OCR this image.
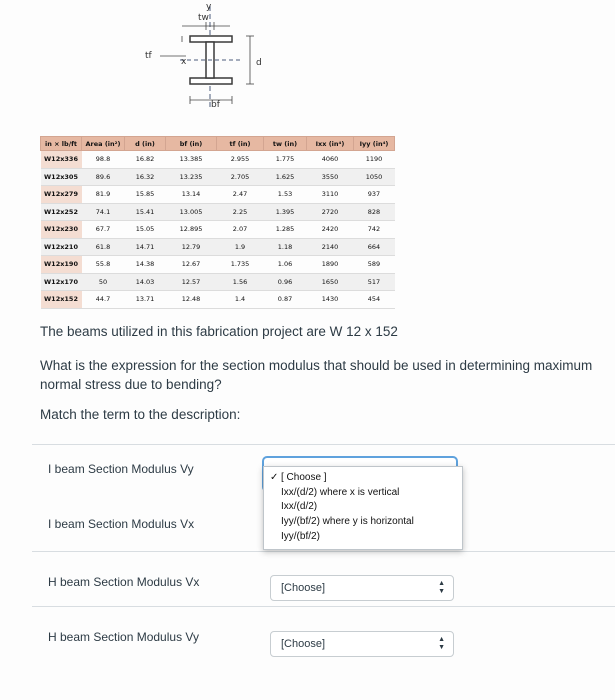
tw
y
tf
x	d
bf
in × lb/ft	Area (in²)	d (in)	bf (in)	tf (in)	tw (in)	Ixx (in⁴)	Iyy (in⁴)
W12x336	98.8	16.82	13.385	2.955	1.775	4060	1190
W12x305	89.6	16.32	13.235	2.705	1.625	3550	1050
W12x279	81.9	15.85	13.14	2.47	1.53	3110	937
W12x252	74.1	15.41	13.005	2.25	1.395	2720	828
W12x230	67.7	15.05	12.895	2.07	1.285	2420	742
W12x210	61.8	14.71	12.79	1.9	1.18	2140	664
W12x190	55.8	14.38	12.67	1.735	1.06	1890	589
W12x170	50	14.03	12.57	1.56	0.96	1650	517
W12x152	44.7	13.71	12.48	1.4	0.87	1430	454
The beams utilized in this fabrication project are W 12 x 152
What is the expression for the section modulus that should be used in determining maximum normal stress due to bending?
Match the term to the description:
I beam Section Modulus Vy
I beam Section Modulus Vx
H beam Section Modulus Vx
H beam Section Modulus Vy
[Choose]	▲
▼
[Choose]	▲
▼
✓ [ Choose ]
Ixx/(d/2) where x is vertical
Ixx/(d/2)
Iyy/(bf/2) where y is horizontal
Iyy/(bf/2)
